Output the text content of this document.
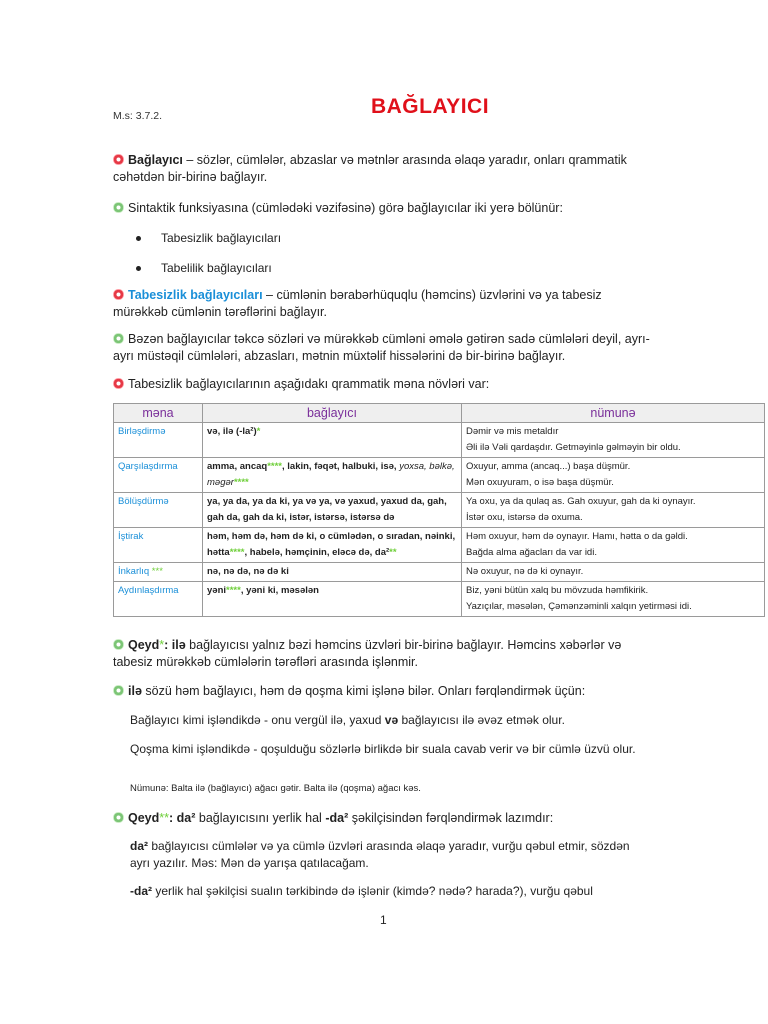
M.s: 3.7.2.	BAĞLAYICI
Bağlayıcı – sözlər, cümlələr, abzaslar və mətnlər arasında əlaqə yaradır, onları qrammatik cəhətdən bir-birinə bağlayır.
Sintaktik funksiyasına (cümlədəki vəzifəsinə) görə bağlayıcılar iki yerə bölünür:
Tabesizlik bağlayıcıları
Tabelilik bağlayıcıları
Tabesizlik bağlayıcıları – cümlənin bərabərhüquqlu (həmcins) üzvlərini və ya tabesiz mürəkkəb cümlənin tərəflərini bağlayır.
Bəzən bağlayıcılar təkcə sözləri və mürəkkəb cümləni əmələ gətirən sadə cümlələri deyil, ayrı-ayrı müstəqil cümlələri, abzasları, mətnin müxtəlif hissələrini də bir-birinə bağlayır.
Tabesizlik bağlayıcılarının aşağıdakı qrammatik məna növləri var:
məna	bağlayıcı	nümunə
Birləşdirmə	və, ilə (-la²)*	Dəmir və mis metaldır
Əli ilə Vəli qardaşdır. Getməyinlə gəlməyin bir oldu.

Qarşılaşdırma	amma, ancaq****, lakin, fəqət, halbuki, isə, yoxsa, bəlkə, məgər****	Oxuyur, amma (ancaq...) başa düşmür.
Mən oxuyuram, o isə başa düşmür.

Bölüşdürmə	ya, ya da, ya da ki, ya və ya, və yaxud, yaxud da, gah, gah da, gah da ki, istər, istərsə, istərsə də	Ya oxu, ya da qulaq as. Gah oxuyur, gah da ki oynayır.
İstər oxu, istərsə də oxuma.

İştirak	həm, həm də, həm də ki, o cümlədən, o sıradan, nəinki, hətta****, habelə, həmçinin, eləcə də, da²**	Həm oxuyur, həm də oynayır. Hamı, hətta o da gəldi.
Bağda alma ağacları da var idi.

İnkarlıq ***	nə, nə də, nə də ki	Nə oxuyur, nə də ki oynayır.

Aydınlaşdırma	yəni****, yəni ki, məsələn	Biz, yəni bütün xalq bu mövzuda həmfikirik.
Yazıçılar, məsələn, Çəmənzəminli xalqın yetirməsi idi.
Qeyd*: ilə bağlayıcısı yalnız bəzi həmcins üzvləri bir-birinə bağlayır. Həmcins xəbərlər və tabesiz mürəkkəb cümlələrin tərəfləri arasında işlənmir.
ilə sözü həm bağlayıcı, həm də qoşma kimi işlənə bilər. Onları fərqləndirmək üçün:
Bağlayıcı kimi işləndikdə - onu vergül ilə, yaxud və bağlayıcısı ilə əvəz etmək olur.
Qoşma kimi işləndikdə - qoşulduğu sözlərlə birlikdə bir suala cavab verir və bir cümlə üzvü olur.
Nümunə: Balta ilə (bağlayıcı) ağacı gətir. Balta ilə (qoşma) ağacı kəs.
Qeyd**: da² bağlayıcısını yerlik hal -da² şəkilçisindən fərqləndirmək lazımdır:
da² bağlayıcısı cümlələr və ya cümlə üzvləri arasında əlaqə yaradır, vurğu qəbul etmir, sözdən ayrı yazılır. Məs: Mən də yarışa qatılacağam.
-da² yerlik hal şəkilçisi sualın tərkibində də işlənir (kimdə? nədə? harada?), vurğu qəbul
1
